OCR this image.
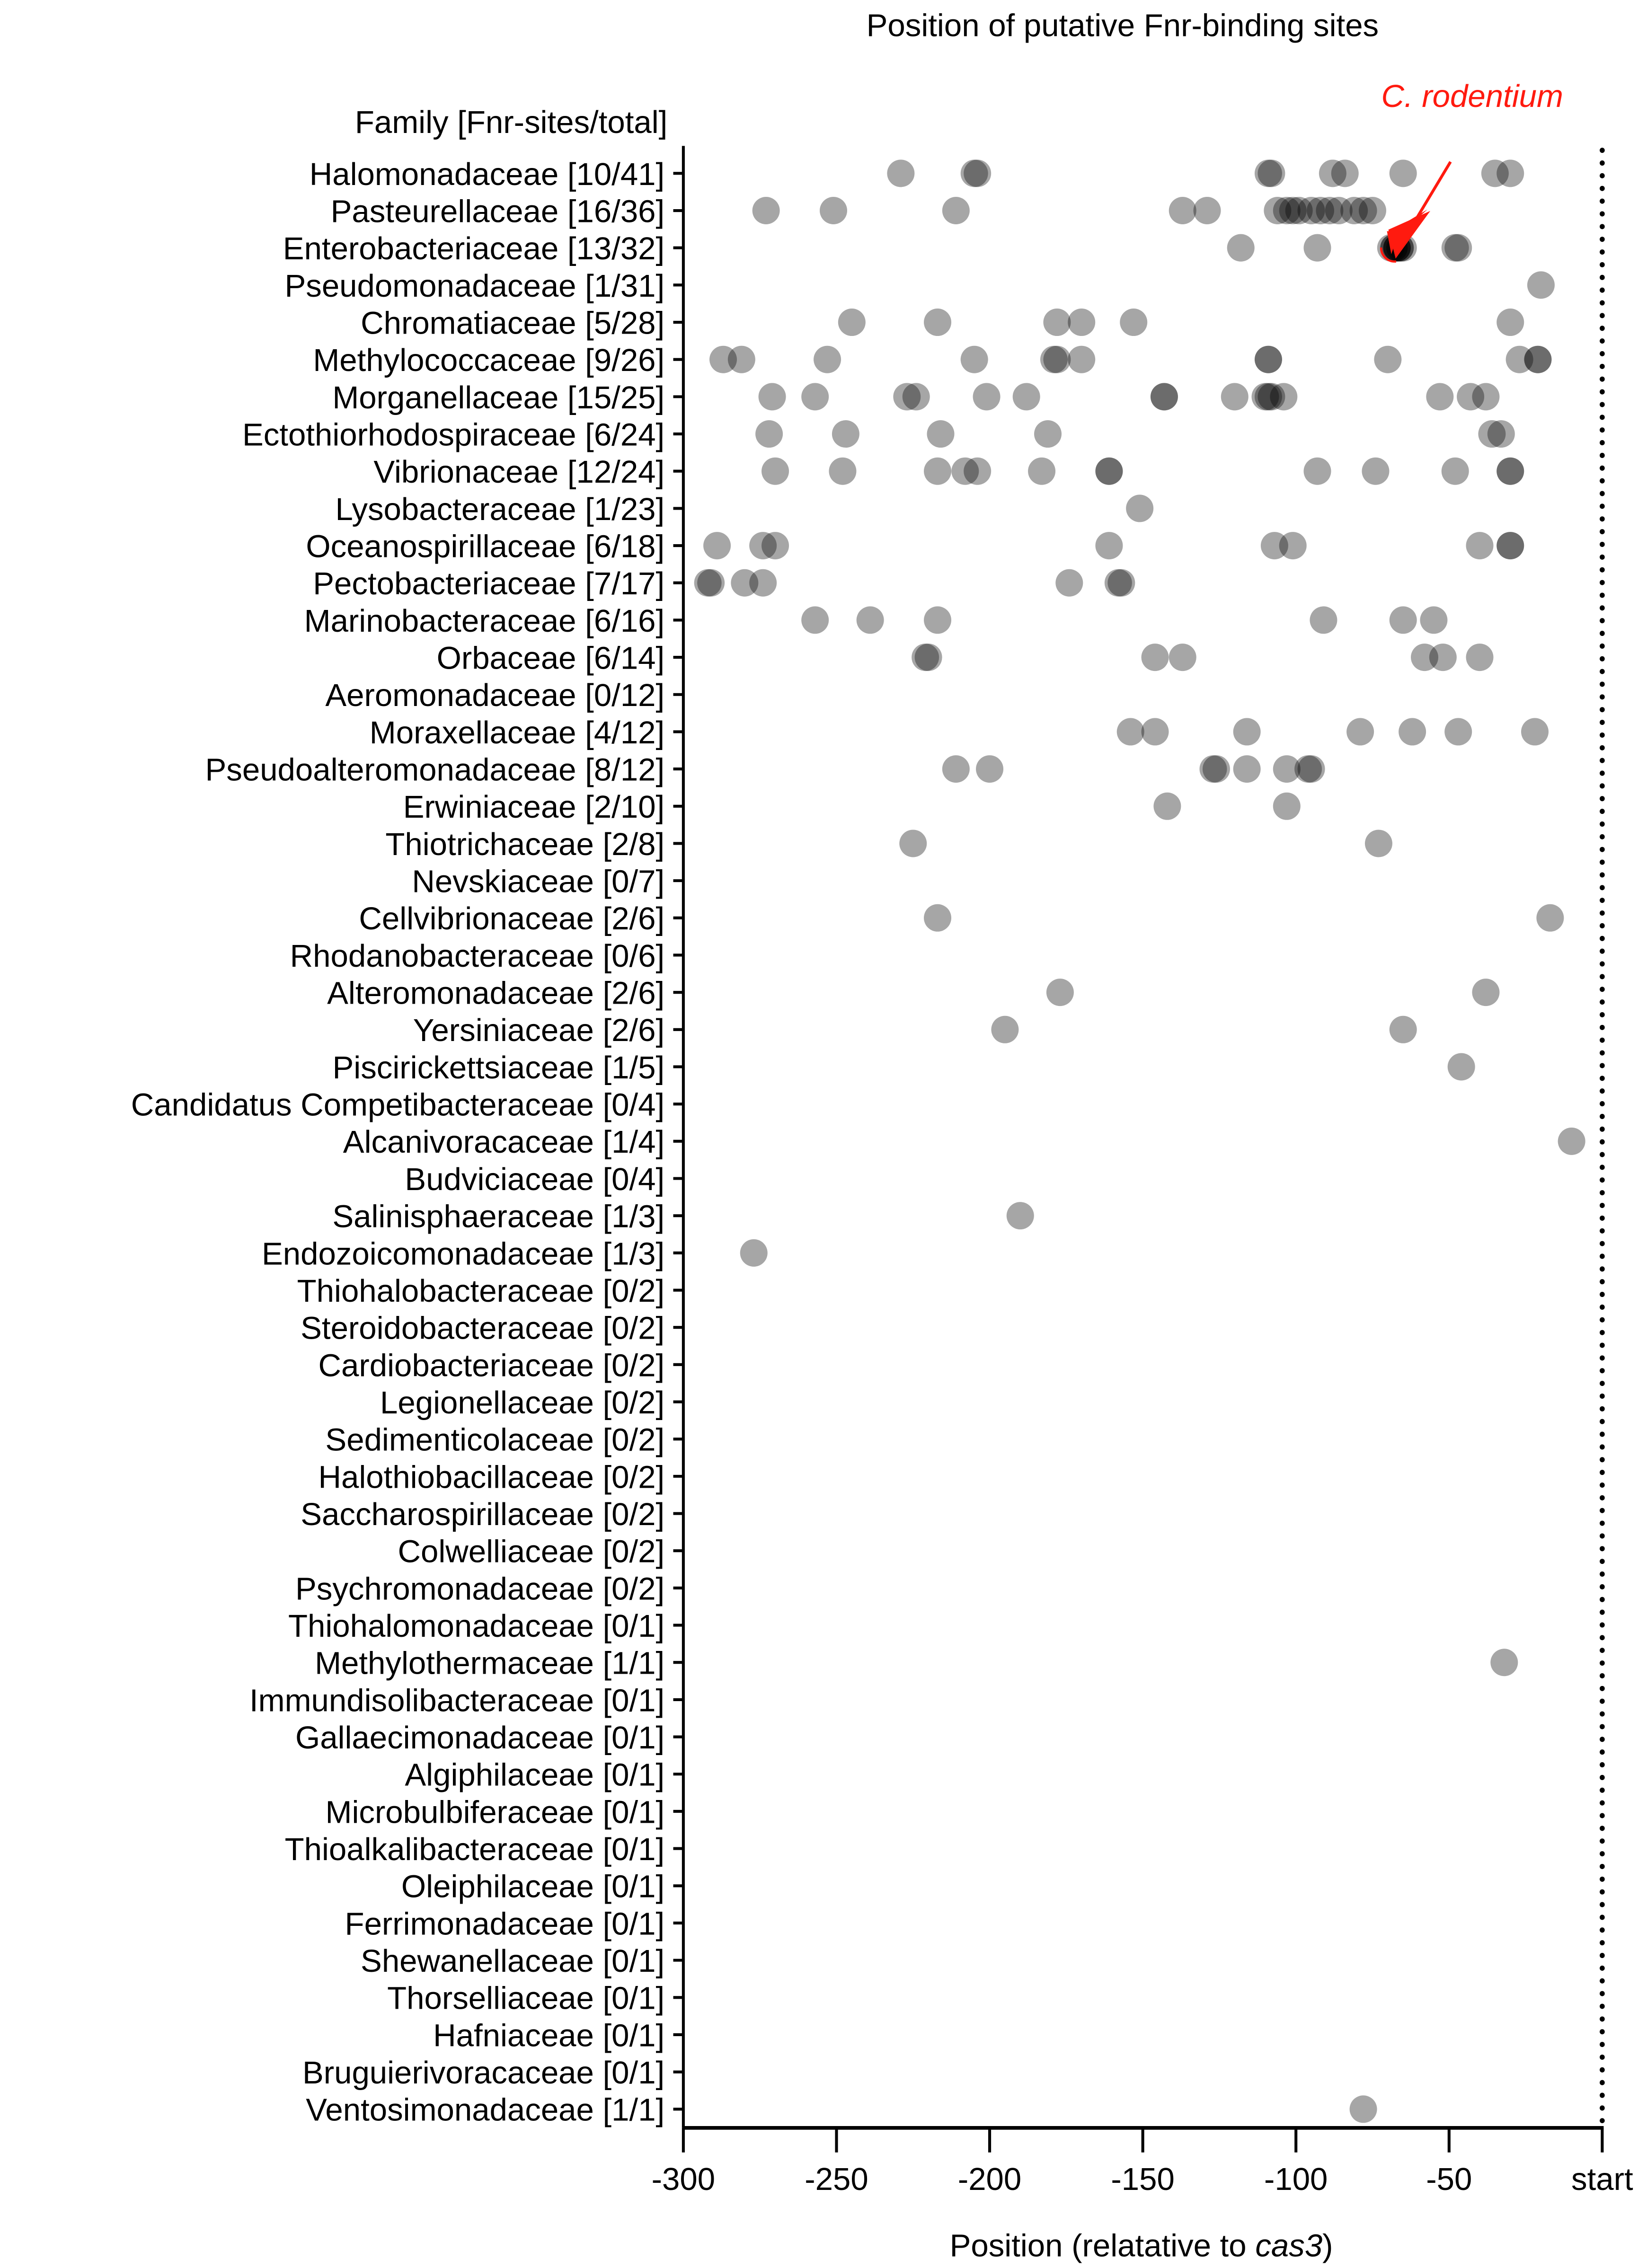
Position of putative Fnr-binding sites
Family [Fnr-sites/total]
Halomonadaceae [10/41]
Pasteurellaceae [16/36]
Enterobacteriaceae [13/32]
Pseudomonadaceae [1/31]
Chromatiaceae [5/28]
Methylococcaceae [9/26]
Morganellaceae [15/25]
Ectothiorhodospiraceae [6/24]
Vibrionaceae [12/24]
Lysobacteraceae [1/23]
Oceanospirillaceae [6/18]
Pectobacteriaceae [7/17]
Marinobacteraceae [6/16]
Orbaceae [6/14]
Aeromonadaceae [0/12]
Moraxellaceae [4/12]
Pseudoalteromonadaceae [8/12]
Erwiniaceae [2/10]
Thiotrichaceae [2/8]
Nevskiaceae [0/7]
Cellvibrionaceae [2/6]
Rhodanobacteraceae [0/6]
Alteromonadaceae [2/6]
Yersiniaceae [2/6]
Piscirickettsiaceae [1/5]
Candidatus Competibacteraceae [0/4]
Alcanivoracaceae [1/4]
Budviciaceae [0/4]
Salinisphaeraceae [1/3]
Endozoicomonadaceae [1/3]
Thiohalobacteraceae [0/2]
Steroidobacteraceae [0/2]
Cardiobacteriaceae [0/2]
Legionellaceae [0/2]
Sedimenticolaceae [0/2]
Halothiobacillaceae [0/2]
Saccharospirillaceae [0/2]
Colwelliaceae [0/2]
Psychromonadaceae [0/2]
Thiohalomonadaceae [0/1]
Methylothermaceae [1/1]
Immundisolibacteraceae [0/1]
Gallaecimonadaceae [0/1]
Algiphilaceae [0/1]
Microbulbiferaceae [0/1]
Thioalkalibacteraceae [0/1]
Oleiphilaceae [0/1]
Ferrimonadaceae [0/1]
Shewanellaceae [0/1]
Thorselliaceae [0/1]
Hafniaceae [0/1]
Bruguierivoracaceae [0/1]
Ventosimonadaceae [1/1]
-300	-250	-200	-150	-100	-50	start
C. rodentium
Position (relatative to cas3)
